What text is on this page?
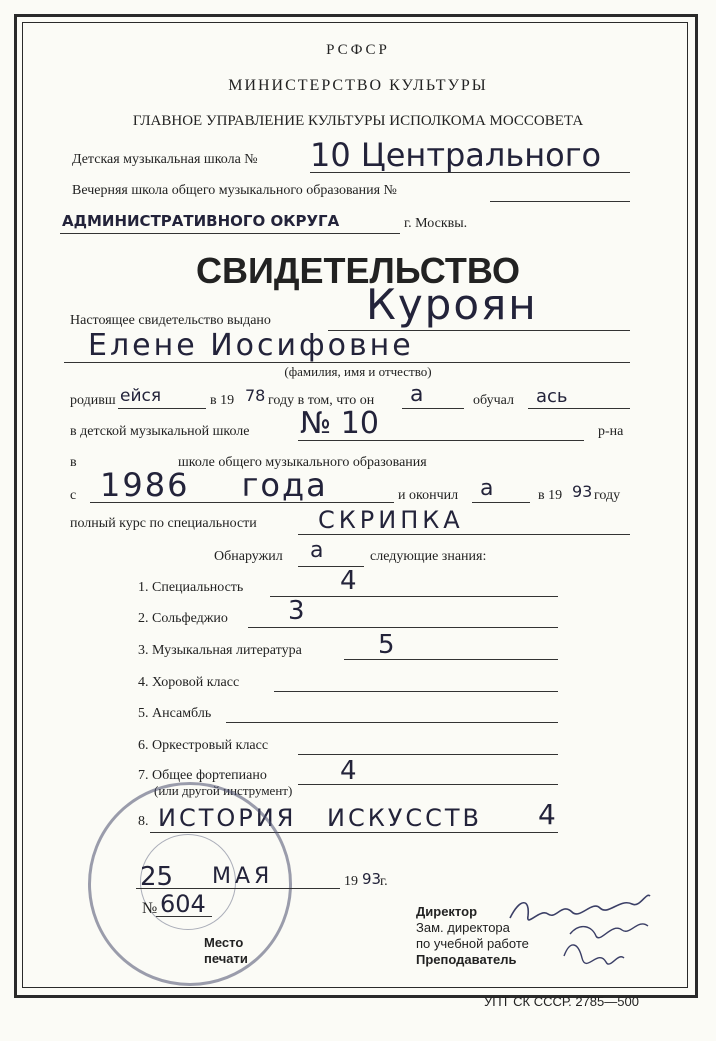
РСФСР
МИНИСТЕРСТВО КУЛЬТУРЫ
ГЛАВНОЕ УПРАВЛЕНИЕ КУЛЬТУРЫ ИСПОЛКОМА МОССОВЕТА
Детская музыкальная школа № 10 Центрального
Вечерняя школа общего музыкального образования №
АДМИНИСТРАТИВНОГО ОКРУГА	г. Москвы.
СВИДЕТЕЛЬСТВО
Настоящее свидетельство выдано Куроян
Елене Иосифовне
(фамилия, имя и отчество)
родивш ейся	в 19 78 году в том, что он а	обучал ась
в детской музыкальной школе № 10	р-на
в	школе общего музыкального образования
с 1986 года	и окончил а	в 19 93 году
полный курс по специальности	СКРИПКА
Обнаружил а	следующие знания:
1. Специальность	4
2. Сольфеджио 3
3. Музыкальная литература	5
4. Хоровой класс
5. Ансамбль
6. Оркестровый класс
7. Общее фортепиано
(или другой инструмент)
4
8. ИСТОРИЯ ИСКУССТВ 4
25 МАЯ	19 93
г.
№ 604
Место
печати
Директор
Зам. директора
по учебной работе
Преподаватель
УПТ СК СССР. 2785—500
